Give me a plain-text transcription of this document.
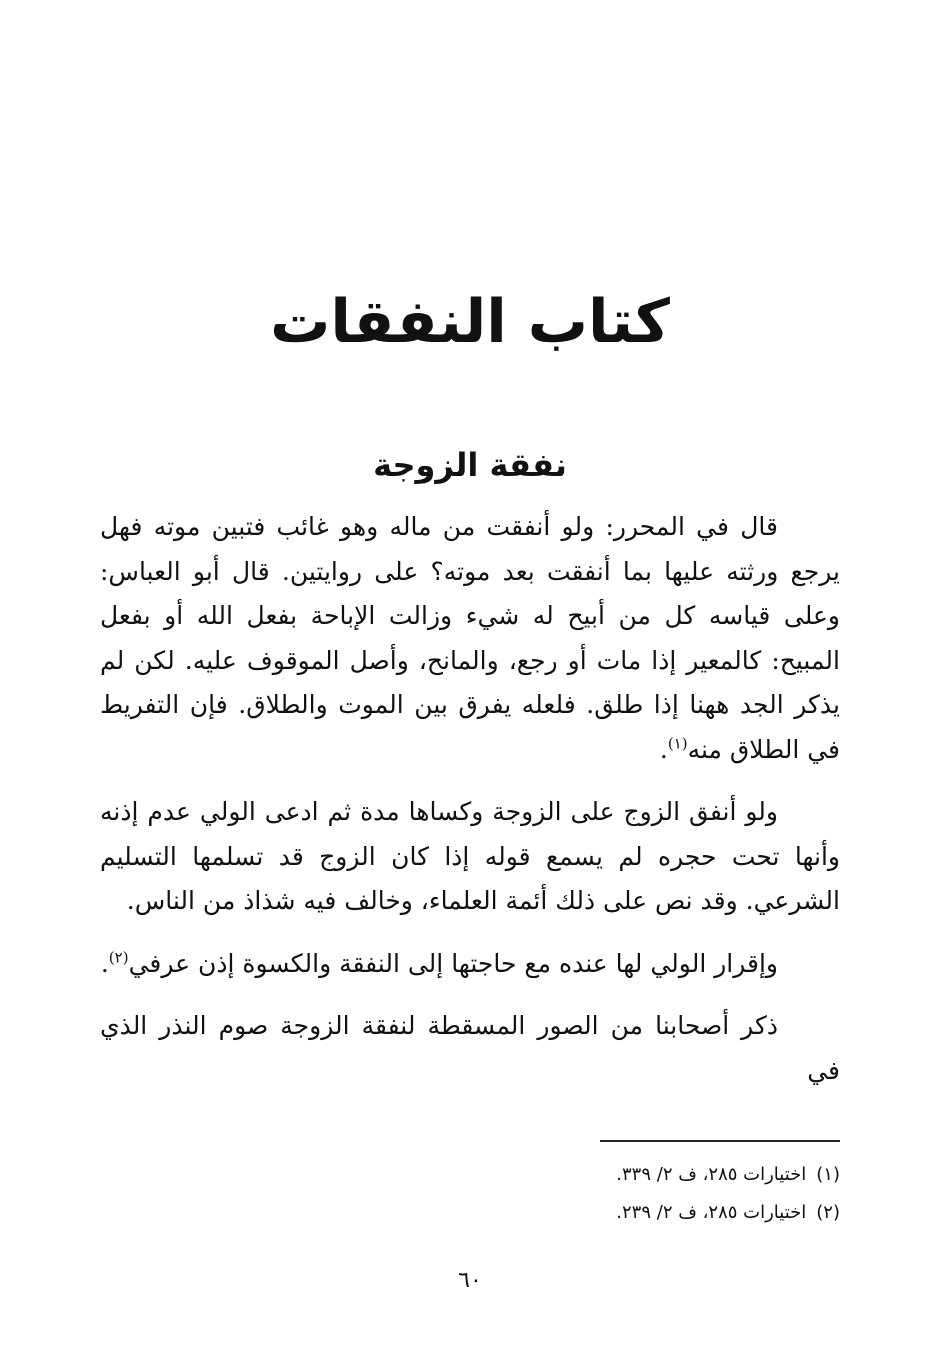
كتاب النفقات
نفقة الزوجة

قال في المحرر: ولو أنفقت من ماله وهو غائب فتبين موته فهل يرجع ورثته عليها بما أنفقت بعد موته؟ على روايتين. قال أبو العباس: وعلى قياسه كل من أبيح له شيء وزالت الإباحة بفعل الله أو بفعل المبيح: كالمعير إذا مات أو رجع، والمانح، وأصل الموقوف عليه. لكن لم يذكر الجد ههنا إذا طلق. فلعله يفرق بين الموت والطلاق. فإن التفريط في الطلاق منه$^{(١)}$.

ولو أنفق الزوج على الزوجة وكساها مدة ثم ادعى الولي عدم إذنه وأنها تحت حجره لم يسمع قوله إذا كان الزوج قد تسلمها التسليم الشرعي. وقد نص على ذلك أئمة العلماء، وخالف فيه شذاذ من الناس.

وإقرار الولي لها عنده مع حاجتها إلى النفقة والكسوة إذن عرفي$^{(٢)}$.

ذكر أصحابنا من الصور المسقطة لنفقة الزوجة صوم النذر الذي في

(١)اختيارات ٢٨٥، ف ٢/ ٣٣٩.

(٢)اختيارات ٢٨٥، ف ٢/ ٢٣٩.

٦٠
